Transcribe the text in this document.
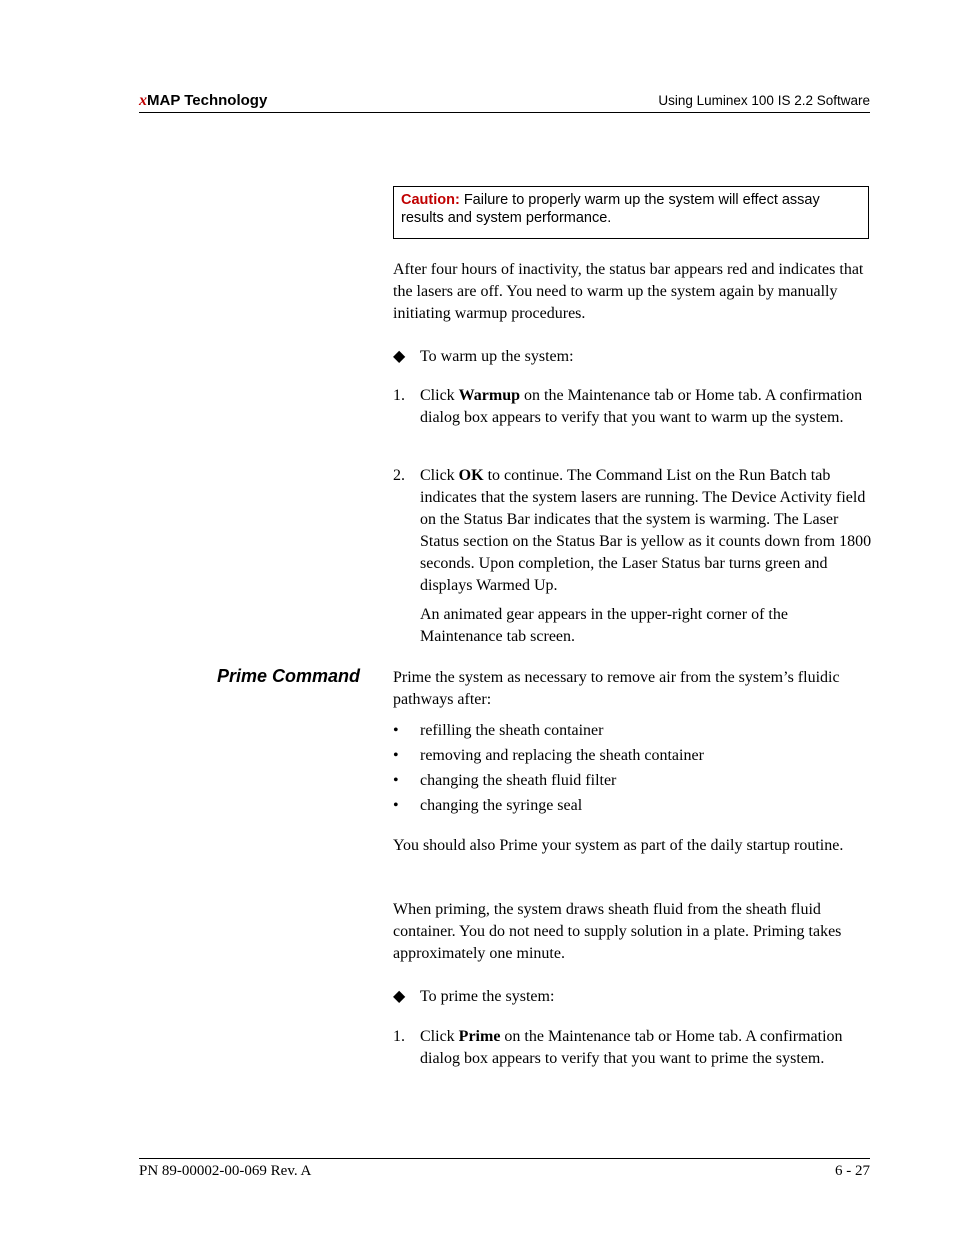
xMAP Technology	Using Luminex 100 IS 2.2 Software
Caution: Failure to properly warm up the system will effect assay results and system performance.
After four hours of inactivity, the status bar appears red and indicates that the lasers are off. You need to warm up the system again by manually initiating warmup procedures.
◆ To warm up the system:
1. Click Warmup on the Maintenance tab or Home tab. A confirmation dialog box appears to verify that you want to warm up the system.
2. Click OK to continue. The Command List on the Run Batch tab indicates that the system lasers are running. The Device Activity field on the Status Bar indicates that the system is warming. The Laser Status section on the Status Bar is yellow as it counts down from 1800 seconds. Upon completion, the Laser Status bar turns green and displays Warmed Up.
An animated gear appears in the upper-right corner of the Maintenance tab screen.
Prime Command Prime the system as necessary to remove air from the system’s fluidic pathways after:
• refilling the sheath container
• removing and replacing the sheath container
• changing the sheath fluid filter
• changing the syringe seal
You should also Prime your system as part of the daily startup routine.
When priming, the system draws sheath fluid from the sheath fluid container. You do not need to supply solution in a plate. Priming takes approximately one minute.
◆ To prime the system:
1. Click Prime on the Maintenance tab or Home tab. A confirmation dialog box appears to verify that you want to prime the system.
PN 89-00002-00-069 Rev. A	6 - 27
